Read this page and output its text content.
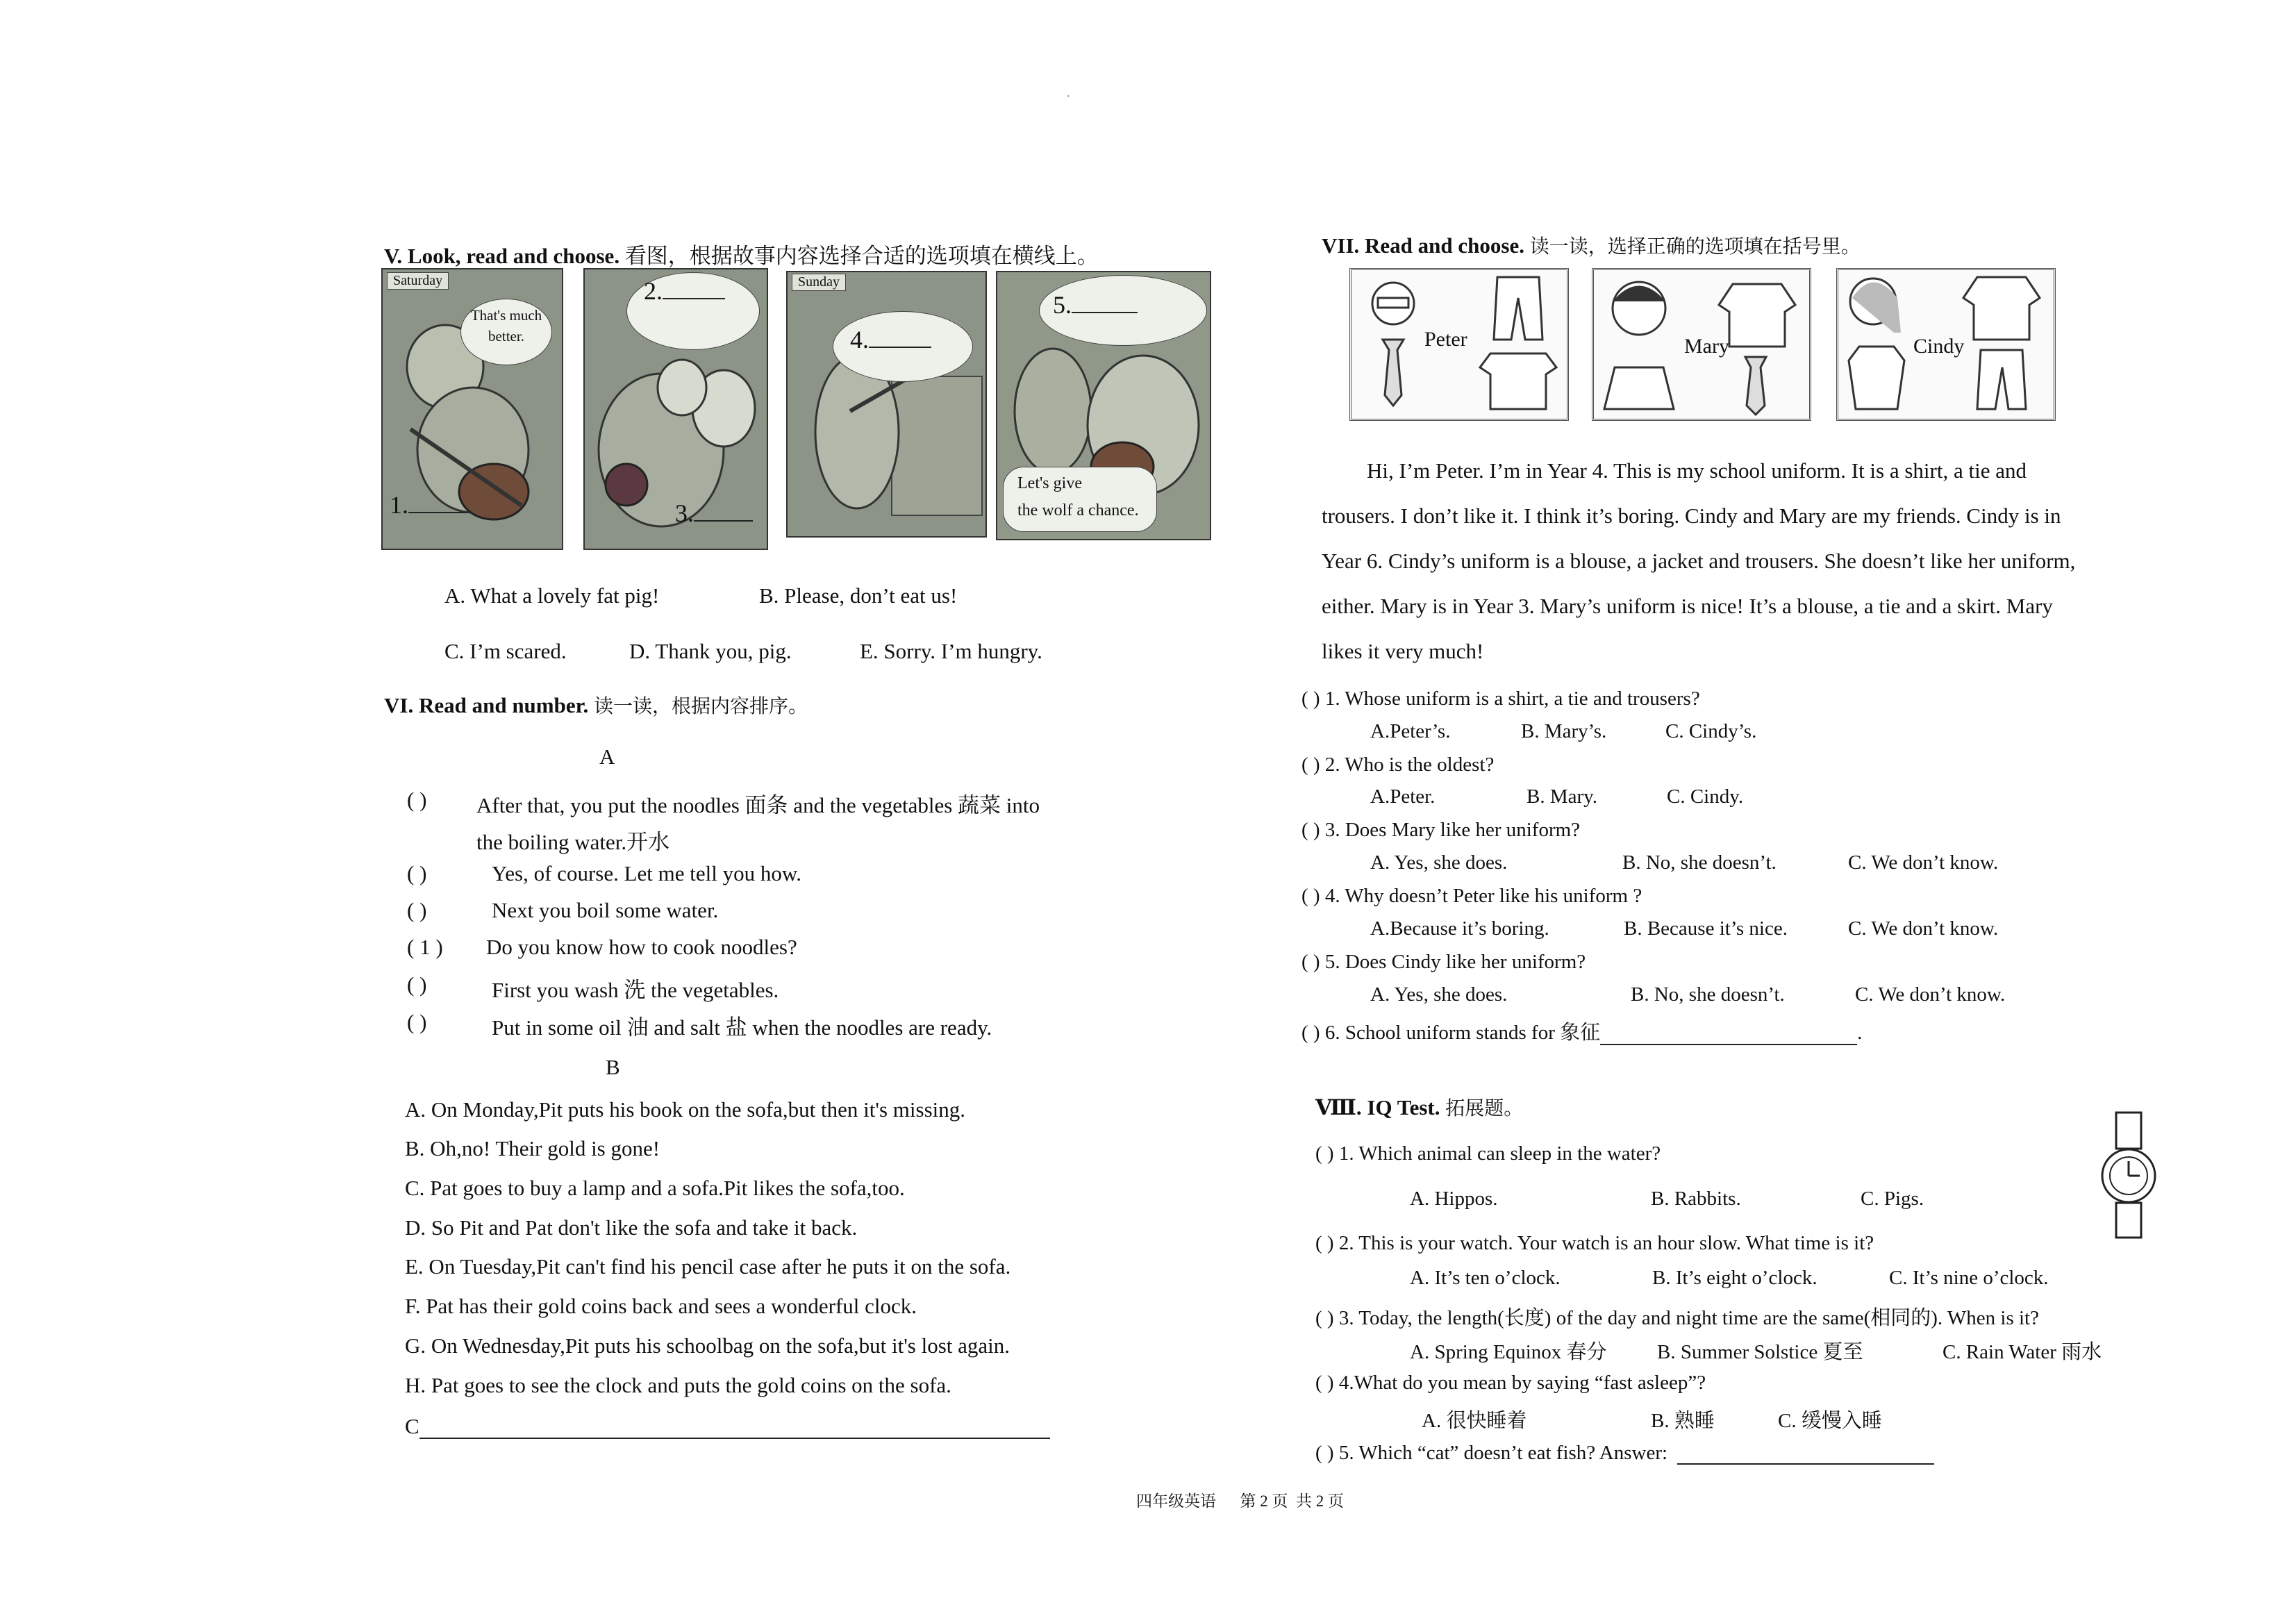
·
V. Look, read and choose. 看图，根据故事内容选择合适的选项填在横线上。
Saturday
That's much better.
1.
2.
3.
Sunday
4.
5.
Let's give
the wolf a chance.
A. What a lovely fat pig!	B. Please, don’t eat us!
C. I’m scared.	D. Thank you, pig.	E. Sorry. I’m hungry.
VI. Read and number. 读一读，根据内容排序。
A
( ) After that, you put the noodles 面条 and the vegetables 蔬菜 into
the boiling water.开水
( )	Yes, of course. Let me tell you how.
( )	Next you boil some water.
( 1 ) Do you know how to cook noodles?
( )	First you wash 洗 the vegetables.
( )	Put in some oil 油 and salt 盐 when the noodles are ready.
B
A. On Monday,Pit puts his book on the sofa,but then it's missing.
B. Oh,no! Their gold is gone!
C. Pat goes to buy a lamp and a sofa.Pit likes the sofa,too.
D. So Pit and Pat don't like the sofa and take it back.
E. On Tuesday,Pit can't find his pencil case after he puts it on the sofa.
F. Pat has their gold coins back and sees a wonderful clock.
G. On Wednesday,Pit puts his schoolbag on the sofa,but it's lost again.
H. Pat goes to see the clock and puts the gold coins on the sofa.
C
VII. Read and choose. 读一读，选择正确的选项填在括号里。
Peter	Mary	Cindy
Hi, I’m Peter. I’m in Year 4. This is my school uniform. It is a shirt, a tie and
trousers. I don’t like it. I think it’s boring. Cindy and Mary are my friends. Cindy is in
Year 6. Cindy’s uniform is a blouse, a jacket and trousers. She doesn’t like her uniform,
either. Mary is in Year 3. Mary’s uniform is nice! It’s a blouse, a tie and a skirt. Mary
likes it very much!
( ) 1. Whose uniform is a shirt, a tie and trousers?
A.Peter’s.	B. Mary’s.	C. Cindy’s.
( ) 2. Who is the oldest?
A.Peter.	B. Mary.	C. Cindy.
( ) 3. Does Mary like her uniform?
A. Yes, she does.	B. No, she doesn’t.	C. We don’t know.
( ) 4. Why doesn’t Peter like his uniform ?
A.Because it’s boring.	B. Because it’s nice.	C. We don’t know.
( ) 5. Does Cindy like her uniform?
A. Yes, she does.	B. No, she doesn’t.	C. We don’t know.
( ) 6. School uniform stands for 象征	.
Ⅷ. IQ Test. 拓展题。
( ) 1. Which animal can sleep in the water?
A. Hippos.	B. Rabbits.	C. Pigs.
( ) 2. This is your watch. Your watch is an hour slow. What time is it?
A. It’s ten o’clock.	B. It’s eight o’clock.	C. It’s nine o’clock.
( ) 3. Today, the length(长度) of the day and night time are the same(相同的). When is it?
A. Spring Equinox 春分 B. Summer Solstice 夏至	C. Rain Water 雨水
( ) 4.What do you mean by saying “fast asleep”?
A. 很快睡着	B. 熟睡	C. 缓慢入睡
( ) 5. Which “cat” doesn’t eat fish? Answer:
四年级英语      第 2 页  共 2 页
